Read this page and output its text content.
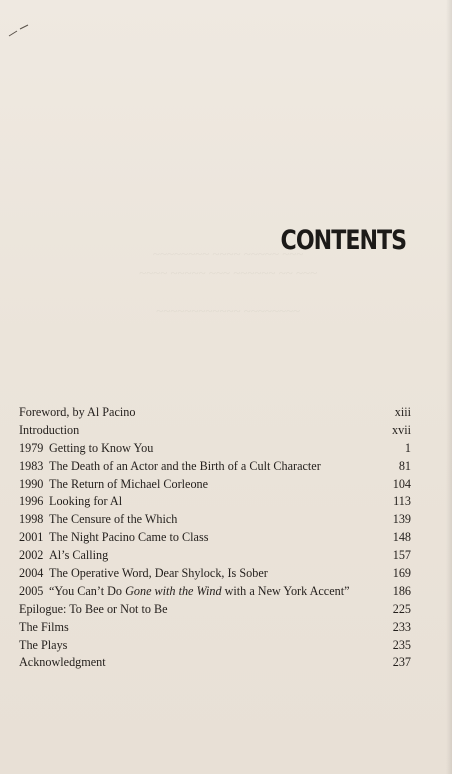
~~~~~~~~ ~~~~ ~~~~~ ~~~
~~~~ ~~~~~ ~~~ ~~~~~~ ~~ ~~~

~~~~~~~~~~~~ ~~~~~~~~
CONTENTS
Foreword, by Al Pacino	xiii
Introduction	xvii
1979 Getting to Know You	1
1983 The Death of an Actor and the Birth of a Cult Character	81
1990 The Return of Michael Corleone	104
1996 Looking for Al	113
1998 The Censure of the Which	139
2001 The Night Pacino Came to Class	148
2002 Al’s Calling	157
2004 The Operative Word, Dear Shylock, Is Sober	169
2005 “You Can’t Do Gone with the Wind with a New York Accent”	186
Epilogue: To Bee or Not to Be	225
The Films	233
The Plays	235
Acknowledgment	237
